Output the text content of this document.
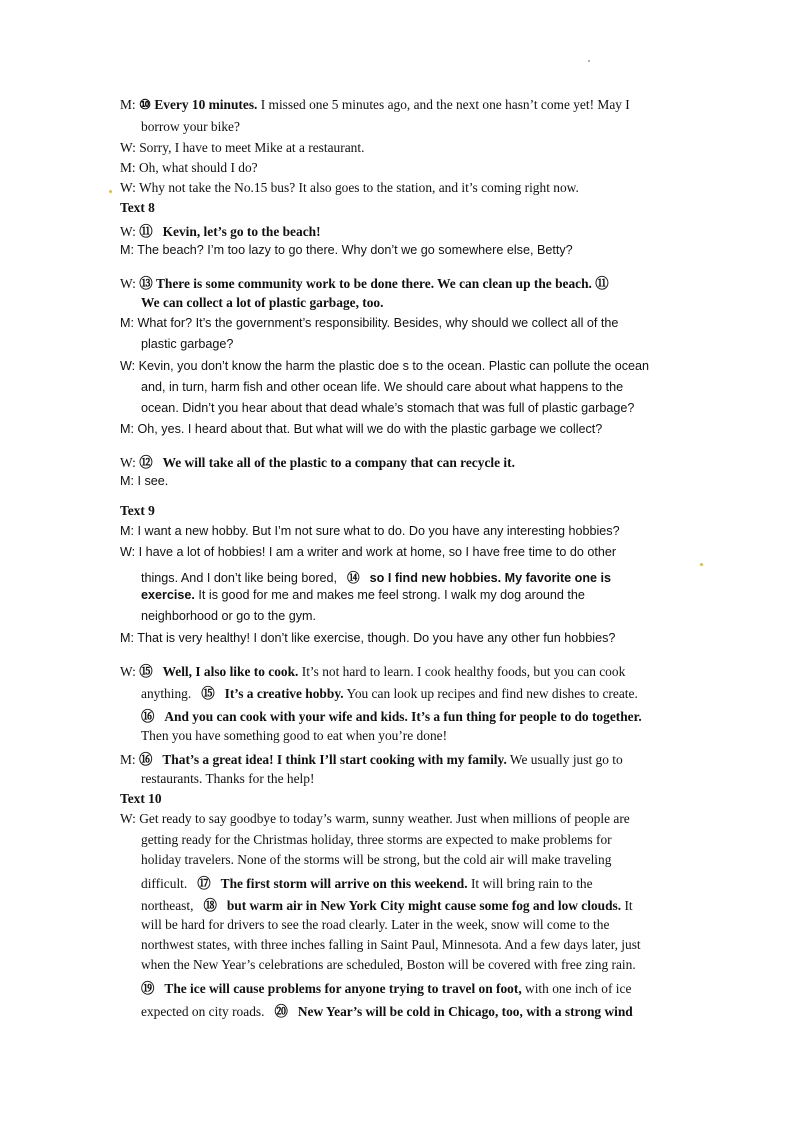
M: ⑩ Every 10 minutes. I missed one 5 minutes ago, and the next one hasn’t come yet! May I

borrow your bike?

W: Sorry, I have to meet Mike at a restaurant.

M: Oh, what should I do?

W: Why not take the No.15 bus? It also goes to the station, and it’s coming right now.

Text 8

W: ⑪ Kevin, let’s go to the beach!

M: The beach? I’m too lazy to go there. Why don’t we go somewhere else, Betty?

W: ⑬ There is some community work to be done there. We can clean up the beach. ⑪

We can collect a lot of plastic garbage, too.

M: What for? It’s the government’s responsibility. Besides, why should we collect all of the

plastic garbage?

W: Kevin, you don’t know the harm the plastic doe s to the ocean. Plastic can pollute the ocean

and, in turn, harm fish and other ocean life. We should care about what happens to the

ocean. Didn’t you hear about that dead whale’s stomach that was full of plastic garbage?

M: Oh, yes. I heard about that. But what will we do with the plastic garbage we collect?

W: ⑫ We will take all of the plastic to a company that can recycle it.

M: I see.

Text 9

M: I want a new hobby. But I’m not sure what to do. Do you have any interesting hobbies?

W: I have a lot of hobbies! I am a writer and work at home, so I have free time to do other

things. And I don’t like being bored, ⑭ so I find new hobbies. My favorite one is

exercise. It is good for me and makes me feel strong. I walk my dog around the

neighborhood or go to the gym.

M: That is very healthy! I don’t like exercise, though. Do you have any other fun hobbies?

W: ⑮ Well, I also like to cook. It’s not hard to learn. I cook healthy foods, but you can cook

anything. ⑮ It’s a creative hobby. You can look up recipes and find new dishes to create.

⑯ And you can cook with your wife and kids. It’s a fun thing for people to do together.

Then you have something good to eat when you’re done!

M: ⑯ That’s a great idea! I think I’ll start cooking with my family. We usually just go to

restaurants. Thanks for the help!

Text 10

W: Get ready to say goodbye to today’s warm, sunny weather. Just when millions of people are

getting ready for the Christmas holiday, three storms are expected to make problems for

holiday travelers. None of the storms will be strong, but the cold air will make traveling

difficult. ⑰ The first storm will arrive on this weekend. It will bring rain to the

northeast, ⑱ but warm air in New York City might cause some fog and low clouds. It

will be hard for drivers to see the road clearly. Later in the week, snow will come to the

northwest states, with three inches falling in Saint Paul, Minnesota. And a few days later, just

when the New Year’s celebrations are scheduled, Boston will be covered with free zing rain.

⑲ The ice will cause problems for anyone trying to travel on foot, with one inch of ice

expected on city roads. ⑳ New Year’s will be cold in Chicago, too, with a strong wind
